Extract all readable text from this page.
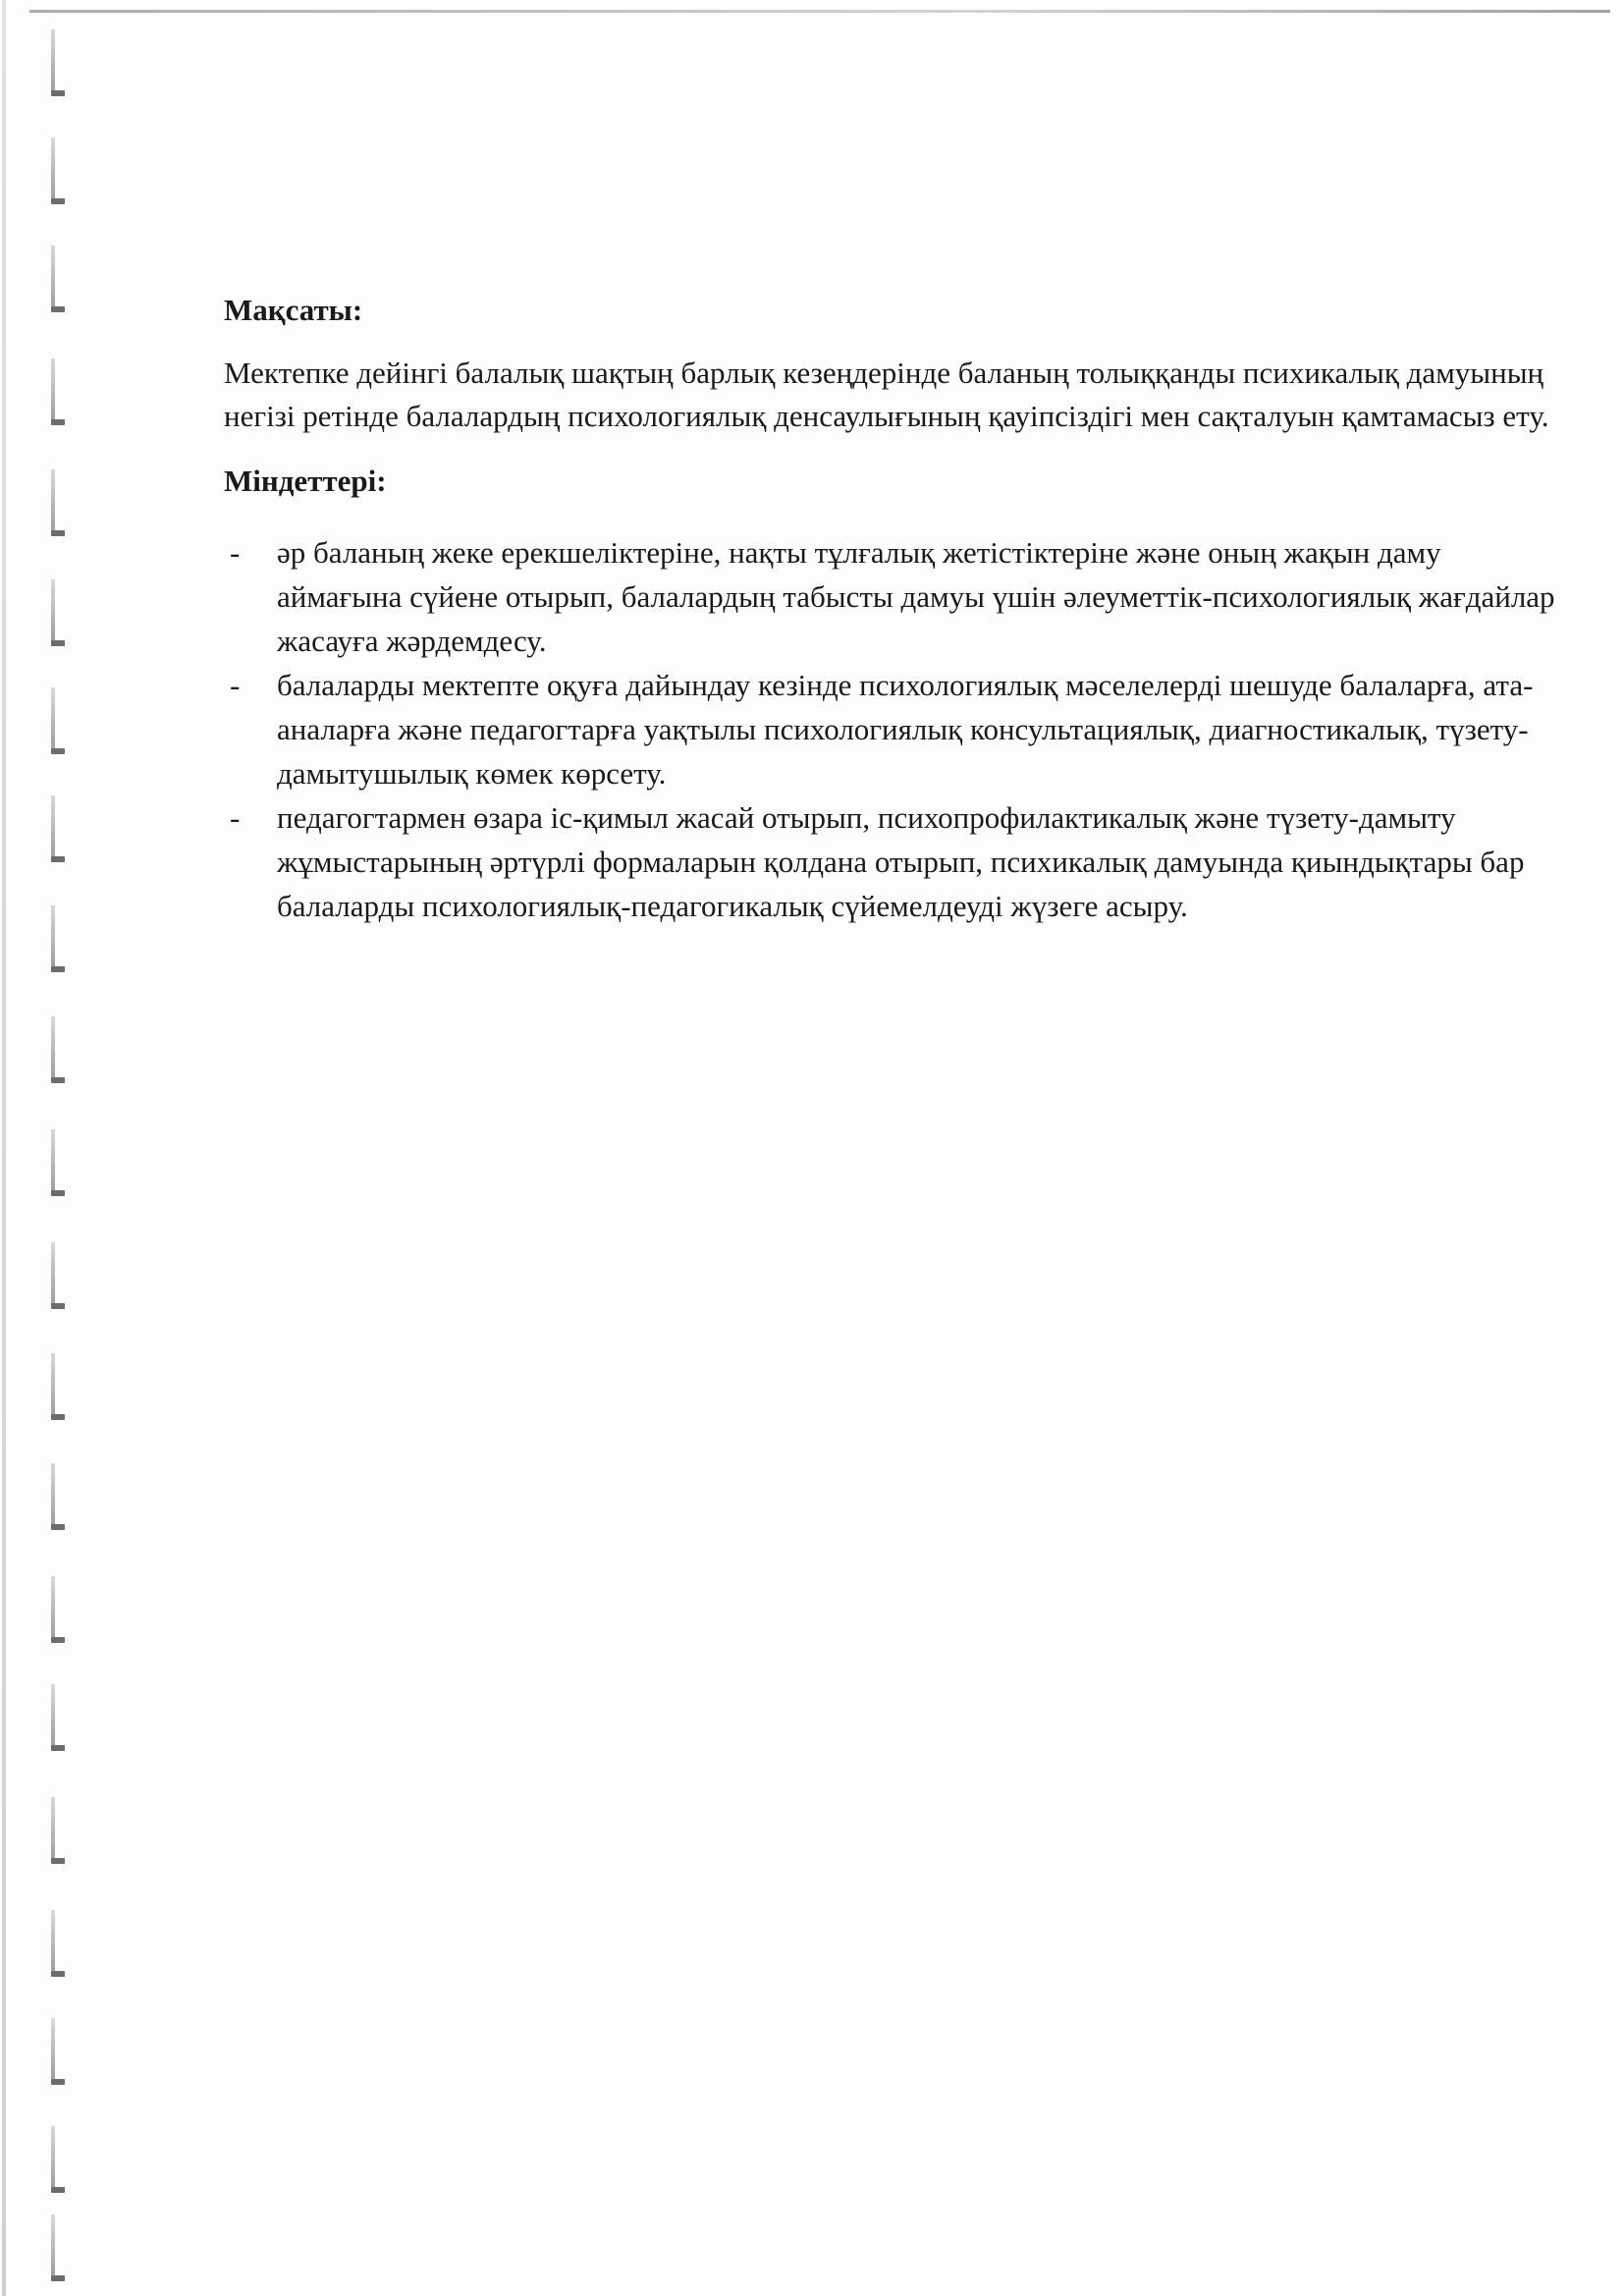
Мақсаты:

Мектепке дейінгі балалық шақтың барлық кезеңдерінде баланың толыққанды психикалық дамуының негізі ретінде балалардың психологиялық денсаулығының қауіпсіздігі мен сақталуын қамтамасыз ету.

Міндеттері:
- әр баланың жеке ерекшеліктеріне, нақты тұлғалық жетістіктеріне және оның жақын даму аймағына сүйене отырып, балалардың табысты дамуы үшін әлеуметтік-психологиялық жағдайлар жасауға жәрдемдесу.
- балаларды мектепте оқуға дайындау кезінде психологиялық мәселелерді шешуде балаларға, ата-аналарға және педагогтарға уақтылы психологиялық консультациялық, диагностикалық, түзету-дамытушылық көмек көрсету.
- педагогтармен өзара іс-қимыл жасай отырып, психопрофилактикалық және түзету-дамыту жұмыстарының әртүрлі формаларын қолдана отырып, психикалық дамуында қиындықтары бар балаларды психологиялық-педагогикалық сүйемелдеуді жүзеге асыру.
